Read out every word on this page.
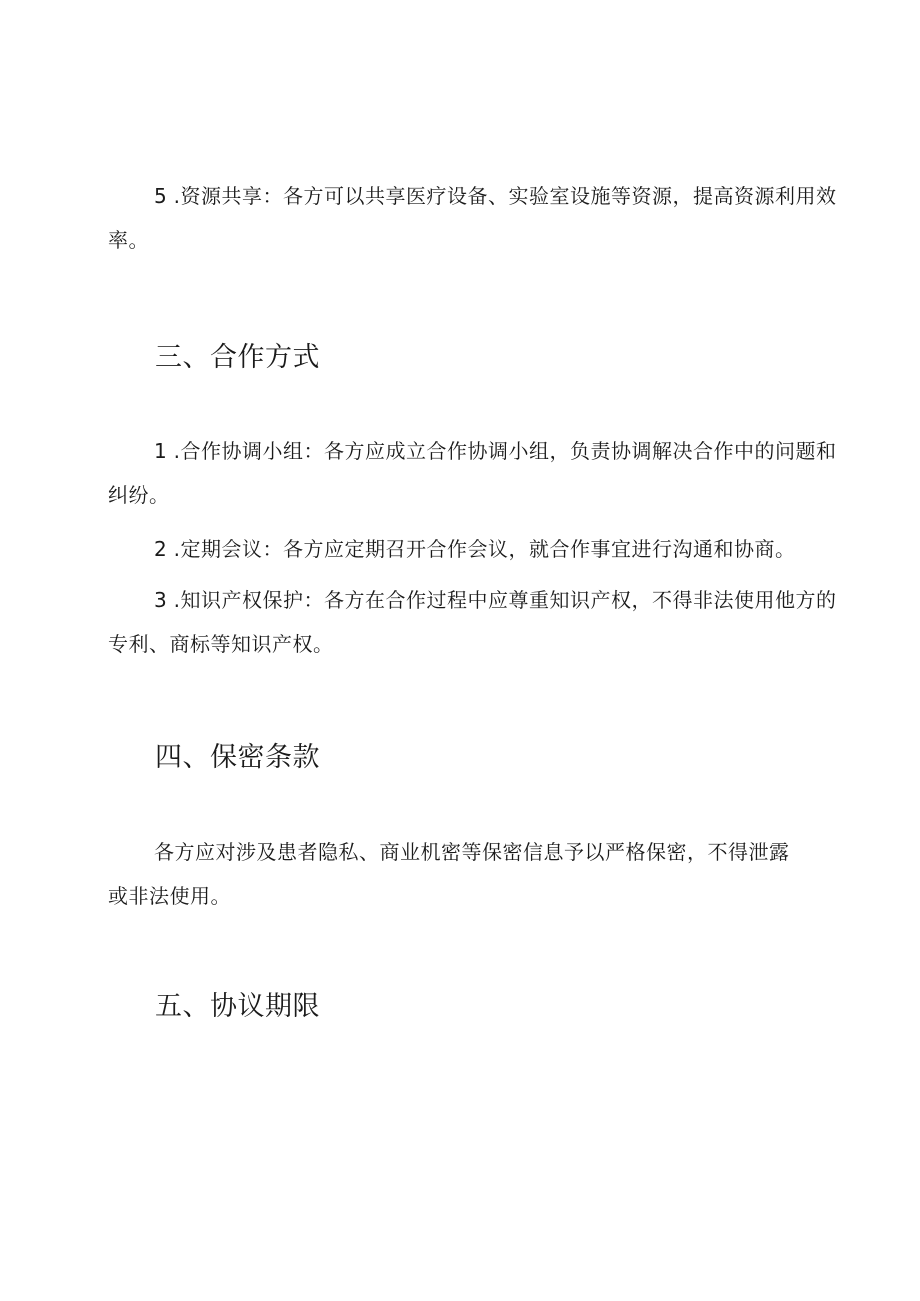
5 .资源共享：各方可以共享医疗设备、实验室设施等资源，提高资源利用效率。

三、合作方式

1 .合作协调小组：各方应成立合作协调小组，负责协调解决合作中的问题和纠纷。

2 .定期会议：各方应定期召开合作会议，就合作事宜进行沟通和协商。

3 .知识产权保护：各方在合作过程中应尊重知识产权，不得非法使用他方的专利、商标等知识产权。

四、保密条款

各方应对涉及患者隐私、商业机密等保密信息予以严格保密，不得泄露或非法使用。

五、协议期限
